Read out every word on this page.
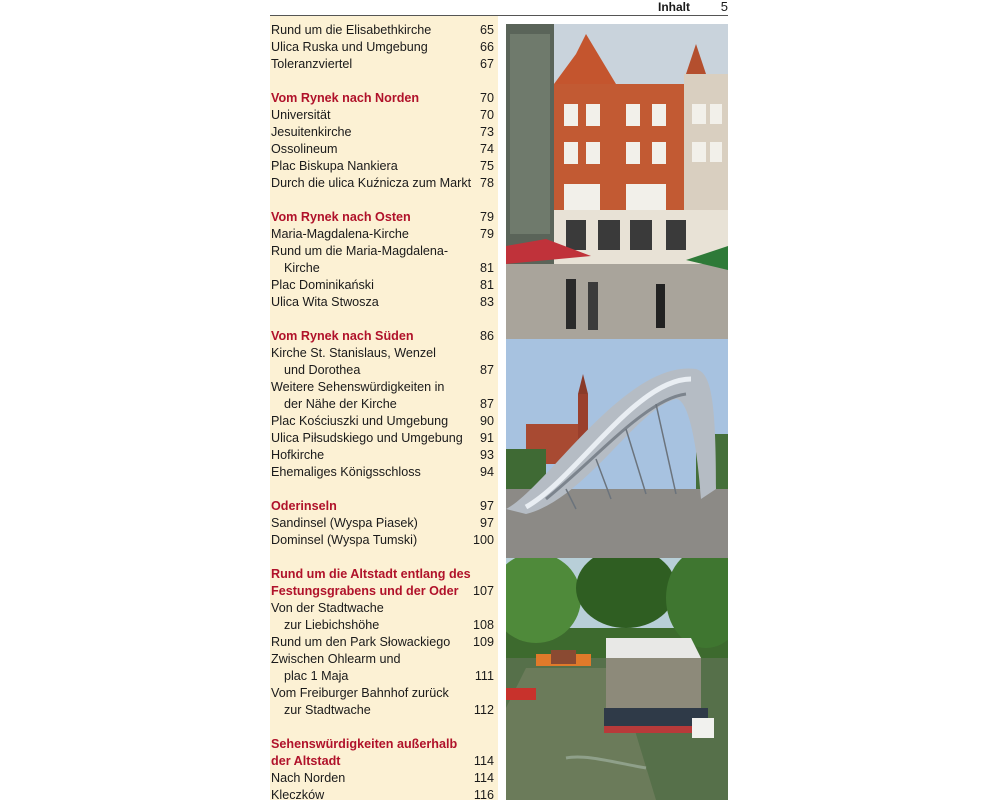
Inhalt 5
Rund um die Elisabethkirche	65
Ulica Ruska und Umgebung	66
Toleranzviertel	67
Vom Rynek nach Norden	70
Universität	70
Jesuitenkirche	73
Ossolineum	74
Plac Biskupa Nankiera	75
Durch die ulica Kuźnicza zum Markt 78
Vom Rynek nach Osten	79
Maria-Magdalena-Kirche	79
Rund um die Maria-Magdalena-
Kirche	81
Plac Dominikański	81
Ulica Wita Stwosza	83
Vom Rynek nach Süden	86
Kirche St. Stanislaus, Wenzel
und Dorothea	87
Weitere Sehenswürdigkeiten in
der Nähe der Kirche	87
Plac Kościuszki und Umgebung	90
Ulica Piłsudskiego und Umgebung	91
Hofkirche	93
Ehemaliges Königsschloss	94
Oderinseln	97
Sandinsel (Wyspa Piasek)	97
Dominsel (Wyspa Tumski)	100
Rund um die Altstadt entlang des
Festungsgrabens und der Oder	107
Von der Stadtwache
zur Liebichshöhe	108
Rund um den Park Słowackiego 109
Zwischen Ohlearm und
plac 1 Maja	111
Vom Freiburger Bahnhof zurück
zur Stadtwache	112
Sehenswürdigkeiten außerhalb
der Altstadt	114
Nach Norden	114
Kleczków	116
